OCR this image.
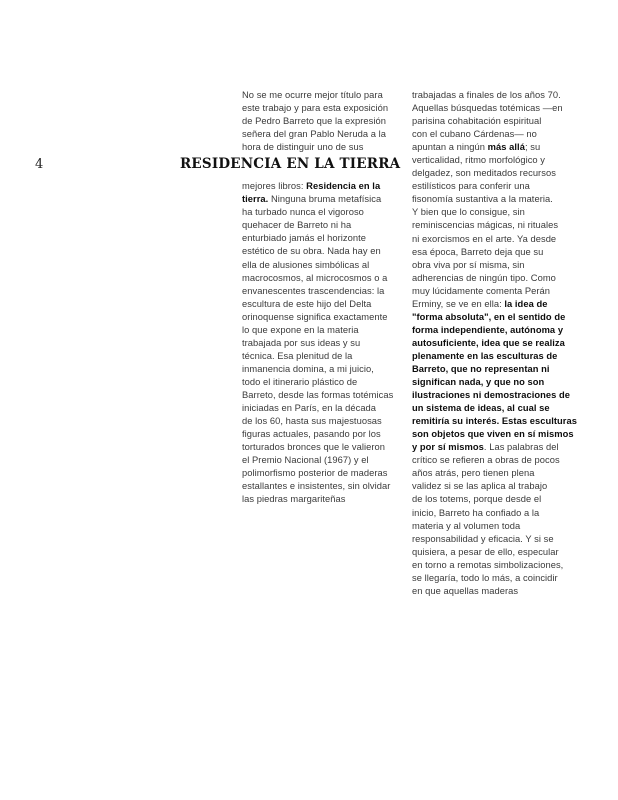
4	RESIDENCIA EN LA TIERRA
No se me ocurre mejor título para
este trabajo y para esta exposición
de Pedro Barreto que la expresión
señera del gran Pablo Neruda a la
hora de distinguir uno de sus
mejores libros: Residencia en la
tierra. Ninguna bruma metafísica
ha turbado nunca el vigoroso
quehacer de Barreto ni ha
enturbiado jamás el horizonte
estético de su obra. Nada hay en
ella de alusiones simbólicas al
macrocosmos, al microcosmos o a
envanescentes trascendencias: la
escultura de este hijo del Delta
orinoquense significa exactamente
lo que expone en la materia
trabajada por sus ideas y su
técnica. Esa plenitud de la
inmanencia domina, a mi juicio,
todo el itinerario plástico de
Barreto, desde las formas totémicas
iniciadas en París, en la década
de los 60, hasta sus majestuosas
figuras actuales, pasando por los
torturados bronces que le valieron
el Premio Nacional (1967) y el
polimorfismo posterior de maderas
estallantes e insistentes, sin olvidar
las piedras margariteñas
trabajadas a finales de los años 70.
Aquellas búsquedas totémicas —en
parisina cohabitación espiritual
con el cubano Cárdenas— no
apuntan a ningún más allá; su
verticalidad, ritmo morfológico y
delgadez, son meditados recursos
estilísticos para conferir una
fisonomía sustantiva a la materia.
Y bien que lo consigue, sin
reminiscencias mágicas, ni rituales
ni exorcismos en el arte. Ya desde
esa época, Barreto deja que su
obra viva por sí misma, sin
adherencias de ningún tipo. Como
muy lúcidamente comenta Perán
Erminy, se ve en ella: la idea de
"forma absoluta", en el sentido de
forma independiente, autónoma y
autosuficiente, idea que se realiza
plenamente en las esculturas de
Barreto, que no representan ni
significan nada, y que no son
ilustraciones ni demostraciones de
un sistema de ideas, al cual se
remitiría su interés. Estas esculturas
son objetos que viven en sí mismos
y por sí mismos. Las palabras del
crítico se refieren a obras de pocos
años atrás, pero tienen plena
validez si se las aplica al trabajo
de los totems, porque desde el
inicio, Barreto ha confiado a la
materia y al volumen toda
responsabilidad y eficacia. Y si se
quisiera, a pesar de ello, especular
en torno a remotas simbolizaciones,
se llegaría, todo lo más, a coincidir
en que aquellas maderas
